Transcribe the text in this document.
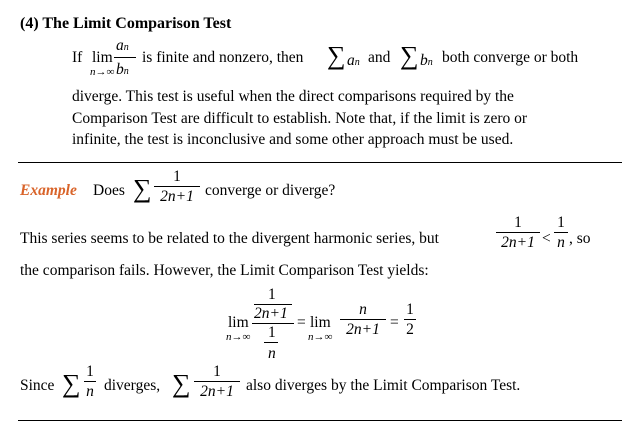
(4) The Limit Comparison Test
If lim
n→∞
an
bn
is finite and nonzero, then ∑ an and ∑ bn both converge or both
diverge. This test is useful when the direct comparisons required by the
Comparison Test are difficult to establish. Note that, if the limit is zero or
infinite, the test is inconclusive and some other approach must be used.
Example Does ∑	1
2n+1 converge or diverge?
This series seems to be related to the divergent harmonic series, but
1
2n+1 <
1
n , so
the comparison fails. However, the Limit Comparison Test yields:
lim
n→∞
1
2n+1
1
n
= lim
n→∞
n
2n+1 =
1
2
Since ∑ 1
n diverges, ∑	1
2n+1 also diverges by the Limit Comparison Test.
